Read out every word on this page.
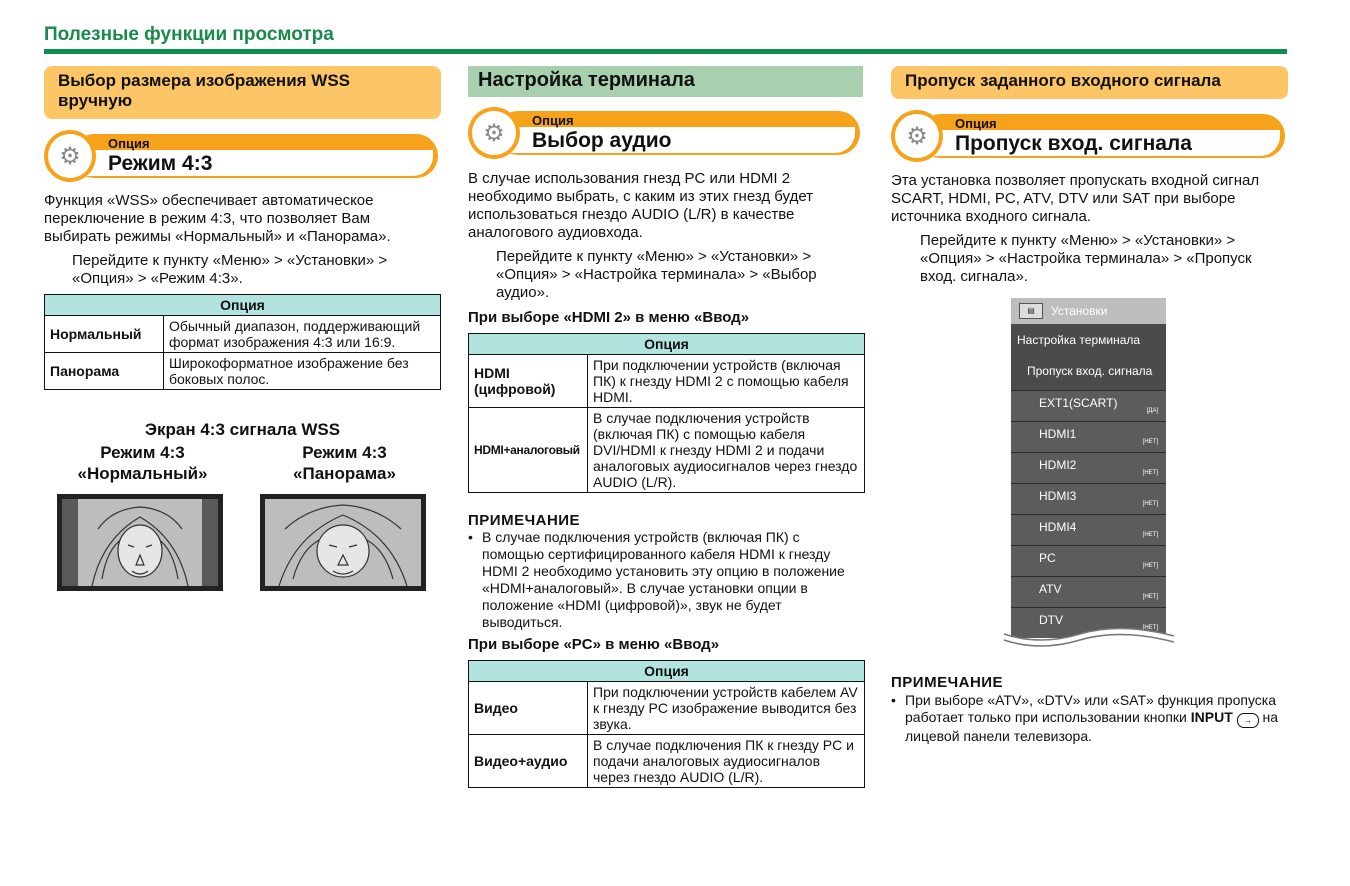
Полезные функции просмотра
Выбор размера изображения WSS вручную
⚙	Опция
Режим 4:3
Функция «WSS» обеспечивает автоматическое переключение в режим 4:3, что позволяет Вам выбирать режимы «Нормальный» и «Панорама».
Перейдите к пункту «Меню» > «Установки» > «Опция» > «Режим 4:3».
Опция	
Нормальный	Обычный диапазон, поддерживающий формат изображения 4:3 или 16:9.
Панорама	Широкоформатное изображение без боковых полос.
Экран 4:3 сигнала WSS
Режим 4:3
«Нормальный»
Режим 4:3
«Панорама»
Настройка терминала
⚙	Опция
Выбор аудио
В случае использования гнезд PC или HDMI 2 необходимо выбрать, с каким из этих гнезд будет использоваться гнездо AUDIO (L/R) в качестве аналогового аудиовхода.
Перейдите к пункту «Меню» > «Установки» > «Опция» > «Настройка терминала» > «Выбор аудио».
При выборе «HDMI 2» в меню «Ввод»
Опция	
HDMI (цифровой)	При подключении устройств (включая ПК) к гнезду HDMI 2 с помощью кабеля HDMI.
HDMI+аналоговый	В случае подключения устройств (включая ПК) с помощью кабеля DVI/HDMI к гнезду HDMI 2 и подачи аналоговых аудиосигналов через гнездо AUDIO (L/R).
ПРИМЕЧАНИЕ
• В случае подключения устройств (включая ПК) с помощью сертифицированного кабеля HDMI к гнезду HDMI 2 необходимо установить эту опцию в положение «HDMI+аналоговый». В случае установки опции в положение «HDMI (цифровой)», звук не будет выводиться.
При выборе «PC» в меню «Ввод»
Опция	
Видео	При подключении устройств кабелем AV к гнезду PC изображение выводится без звука.
Видео+аудио	В случае подключения ПК к гнезду PC и подачи аналоговых аудиосигналов через гнездо AUDIO (L/R).
Пропуск заданного входного сигнала
⚙	Опция
Пропуск вход. сигнала
Эта установка позволяет пропускать входной сигнал SCART, HDMI, PC, ATV, DTV или SAT при выборе источника входного сигнала.
Перейдите к пункту «Меню» > «Установки» > «Опция» > «Настройка терминала» > «Пропуск вход. сигнала».
▤	Установки
Настройка терминала
Пропуск вход. сигнала
EXT1(SCART)
[ДА]
HDMI1
[НЕТ]
HDMI2
[НЕТ]
HDMI3
[НЕТ]
HDMI4
[НЕТ]
PC
[НЕТ]
ATV
[НЕТ]
DTV
[НЕТ]
ПРИМЕЧАНИЕ
• При выборе «ATV», «DTV» или «SAT» функция пропуска работает только при использовании кнопки INPUT → на лицевой панели телевизора.
